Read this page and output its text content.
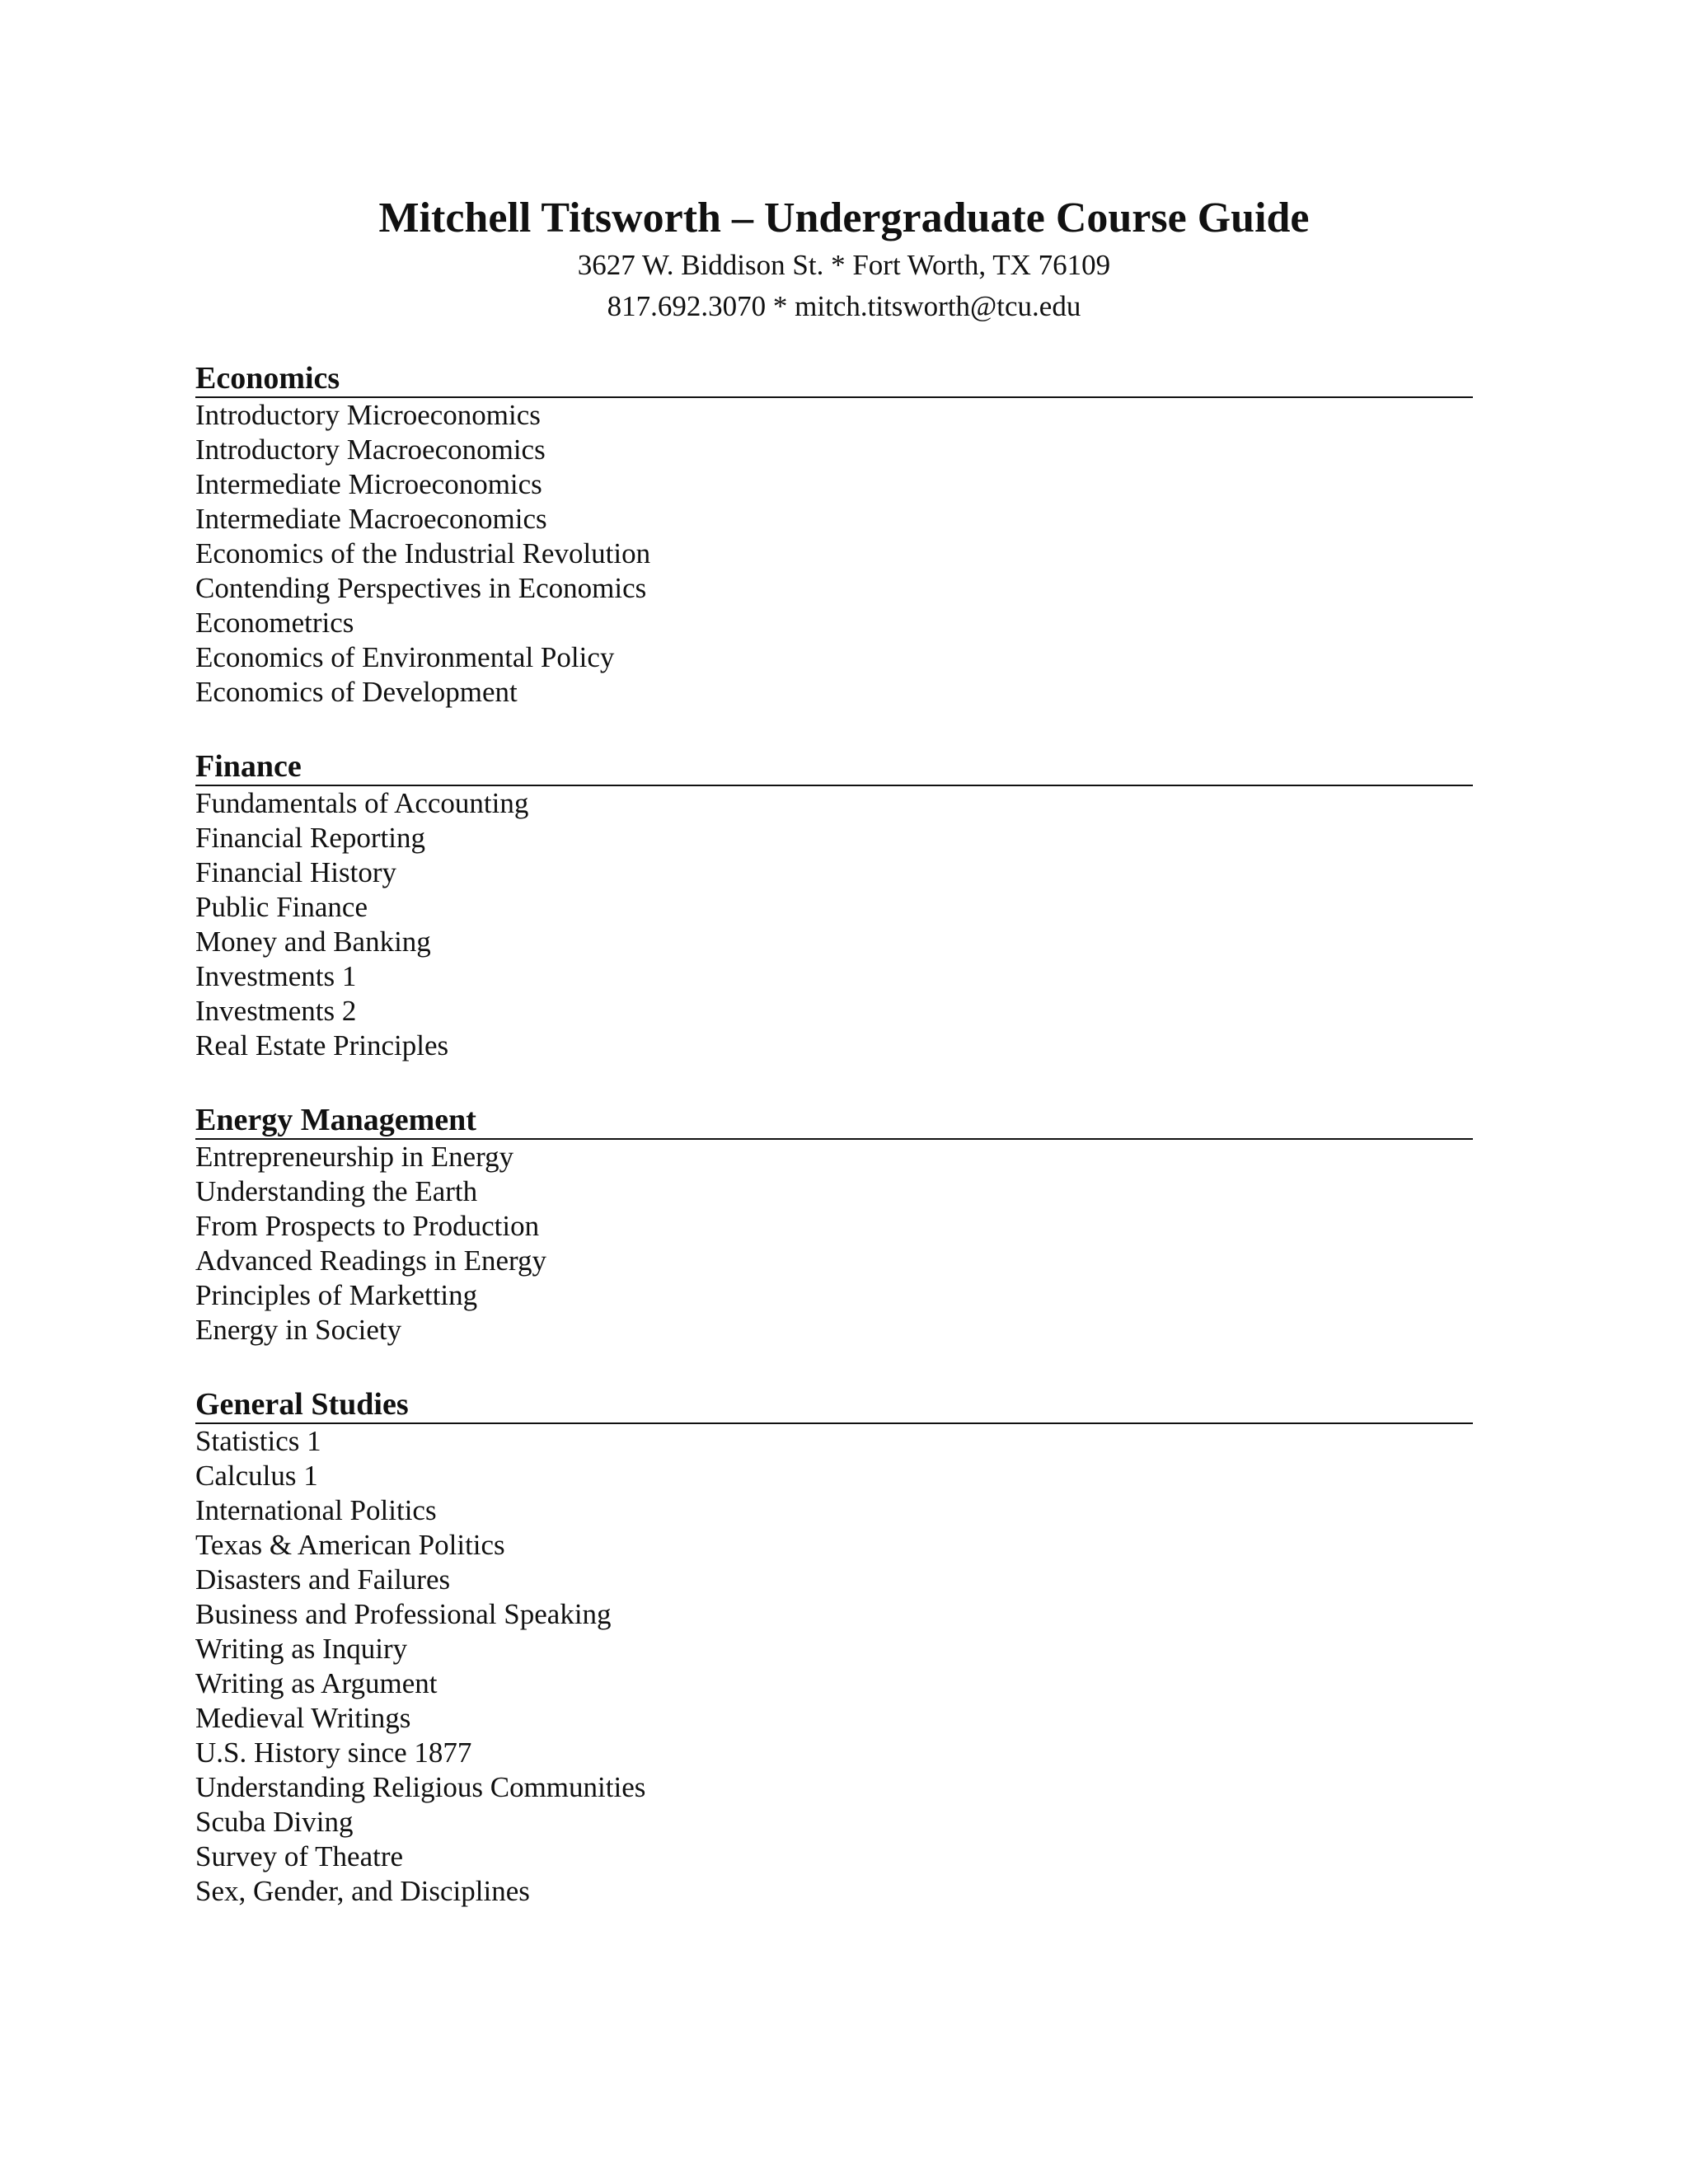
Mitchell Titsworth – Undergraduate Course Guide

3627 W. Biddison St. * Fort Worth, TX 76109

817.692.3070 * mitch.titsworth@tcu.edu

Economics
Introductory Microeconomics
Introductory Macroeconomics
Intermediate Microeconomics
Intermediate Macroeconomics
Economics of the Industrial Revolution
Contending Perspectives in Economics
Econometrics
Economics of Environmental Policy
Economics of Development
Finance
Fundamentals of Accounting
Financial Reporting
Financial History
Public Finance
Money and Banking
Investments 1
Investments 2
Real Estate Principles
Energy Management
Entrepreneurship in Energy
Understanding the Earth
From Prospects to Production
Advanced Readings in Energy
Principles of Marketting
Energy in Society
General Studies
Statistics 1
Calculus 1
International Politics
Texas & American Politics
Disasters and Failures
Business and Professional Speaking
Writing as Inquiry
Writing as Argument
Medieval Writings
U.S. History since 1877
Understanding Religious Communities
Scuba Diving
Survey of Theatre
Sex, Gender, and Disciplines
